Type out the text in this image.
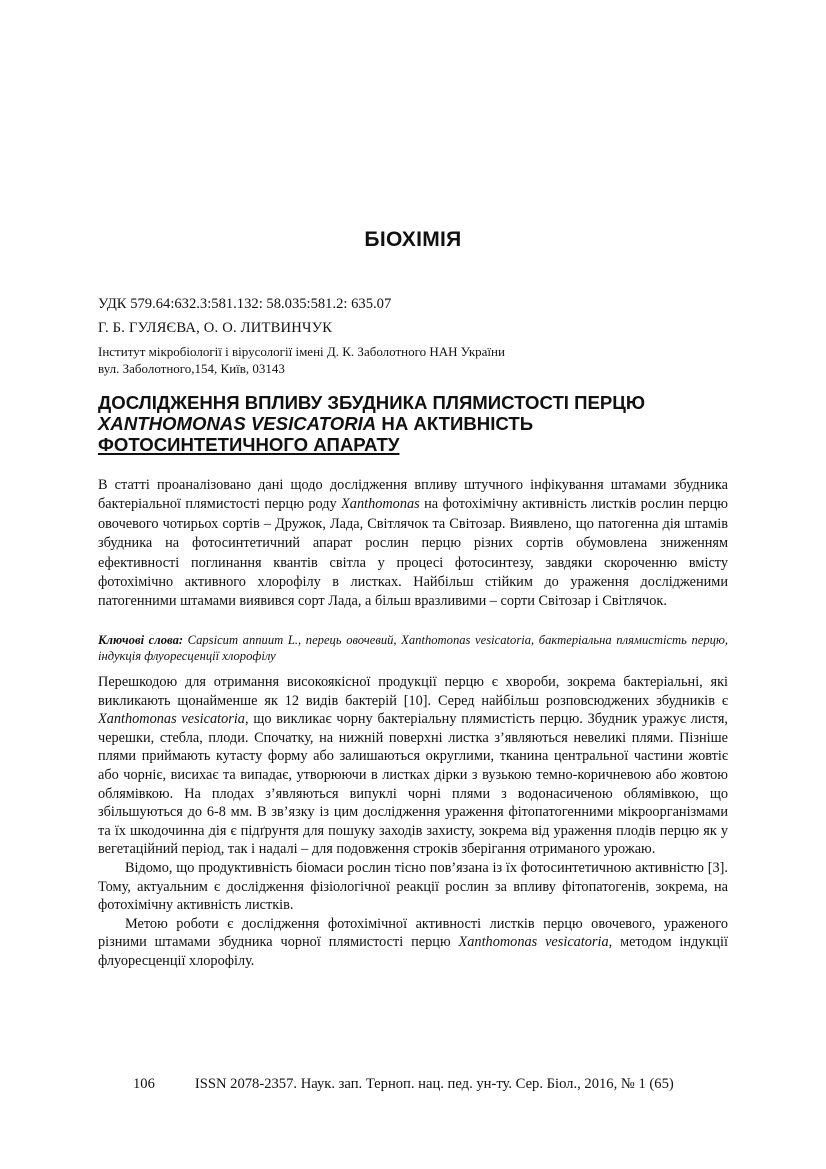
БІОХІМІЯ
УДК 579.64:632.3:581.132: 58.035:581.2: 635.07
Г. Б. ГУЛЯЄВА, О. О. ЛИТВИНЧУК
Інститут мікробіології і вірусології імені Д. К. Заболотного НАН України
вул. Заболотного,154, Київ, 03143
ДОСЛІДЖЕННЯ ВПЛИВУ ЗБУДНИКА ПЛЯМИСТОСТІ ПЕРЦЮ
XANTHOMONAS VESICATORIA НА АКТИВНІСТЬ
ФОТОСИНТЕТИЧНОГО АПАРАТУ
В статті проаналізовано дані щодо дослідження впливу штучного інфікування штамами збудника бактеріальної плямистості перцю роду Xanthomonas на фотохімічну активність листків рослин перцю овочевого чотирьох сортів – Дружок, Лада, Світлячок та Світозар. Виявлено, що патогенна дія штамів збудника на фотосинтетичний апарат рослин перцю різних сортів обумовлена зниженням ефективності поглинання квантів світла у процесі фотосинтезу, завдяки скороченню вмісту фотохімічно активного хлорофілу в листках. Найбільш стійким до ураження дослідженими патогенними штамами виявився сорт Лада, а більш вразливими – сорти Світозар і Світлячок.
Ключові слова: Capsicum annuum L., перець овочевий, Xanthomonas vesicatoria, бактеріальна плямистість перцю, індукція флуоресценції хлорофілу

Перешкодою для отримання високоякісної продукції перцю є хвороби, зокрема бактеріальні, які викликають щонайменше як 12 видів бактерій [10]. Серед найбільш розповсюджених збудників є Xanthomonas vesicatoria, що викликає чорну бактеріальну плямистість перцю. Збудник уражує листя, черешки, стебла, плоди. Спочатку, на нижній поверхні листка з’являються невеликі плями. Пізніше плями приймають кутасту форму або залишаються округлими, тканина центральної частини жовтіє або чорніє, висихає та випадає, утворюючи в листках дірки з вузькою темно-коричневою або жовтою облямівкою. На плодах з’являються випуклі чорні плями з водонасиченою облямівкою, що збільшуються до 6-8 мм. В зв’язку із цим дослідження ураження фітопатогенними мікроорганізмами та їх шкодочинна дія є підґрунтя для пошуку заходів захисту, зокрема від ураження плодів перцю як у вегетаційний період, так і надалі – для подовження строків зберігання отриманого урожаю.

Відомо, що продуктивність біомаси рослин тісно пов’язана із їх фотосинтетичною активністю [3]. Тому, актуальним є дослідження фізіологічної реакції рослин за впливу фітопатогенів, зокрема, на фотохімічну активність листків.

Метою роботи є дослідження фотохімічної активності листків перцю овочевого, ураженого різними штамами збудника чорної плямистості перцю Xanthomonas vesicatoria, методом індукції флуоресценції хлорофілу.

106	ISSN 2078-2357. Наук. зап. Терноп. нац. пед. ун-ту. Сер. Біол., 2016, № 1 (65)
